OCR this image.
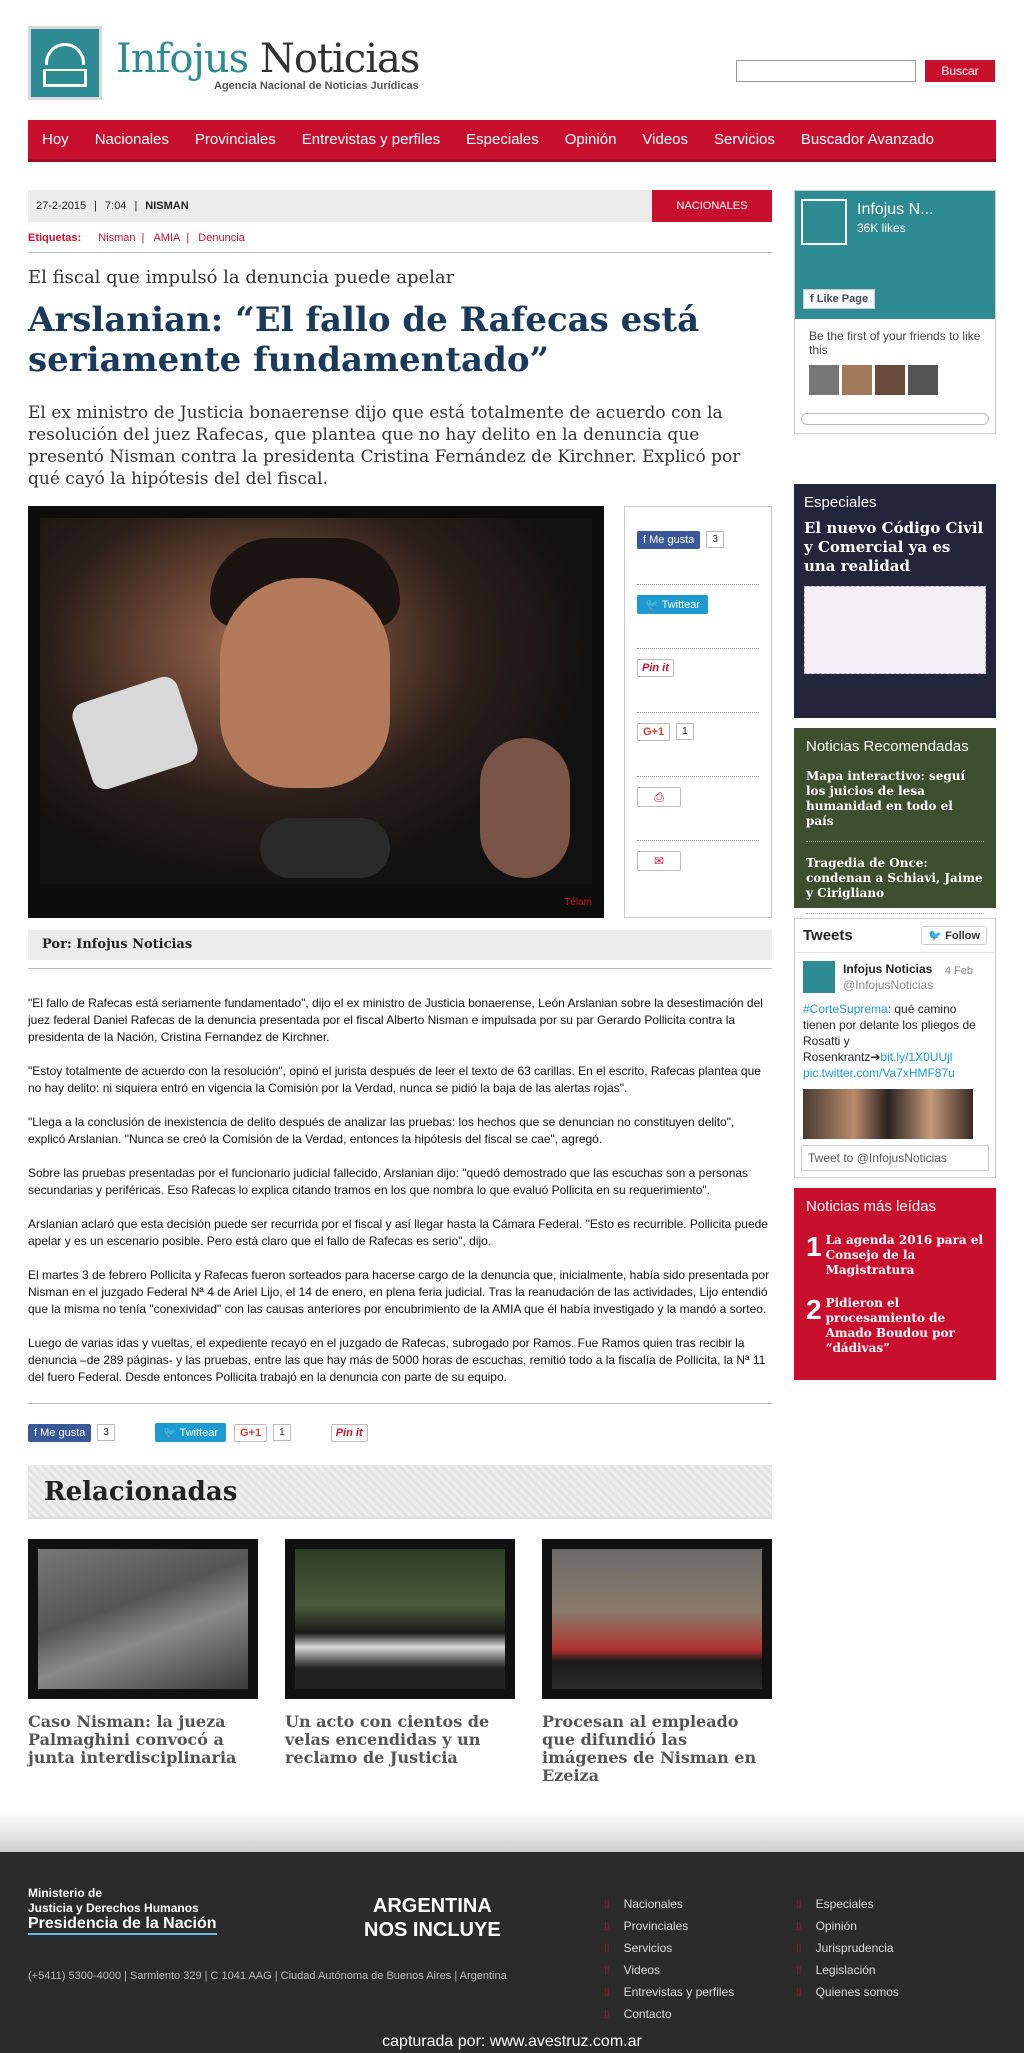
Infojus Noticias
Agencia Nacional de Noticias Jurídicas
Buscar
Hoy Nacionales Provinciales Entrevistas y perfiles Especiales Opinión Videos Servicios Buscador Avanzado
27-2-2015 | 7:04 | NISMAN	NACIONALES
Etiquetas: Nisman | AMIA | Denuncia
El fiscal que impulsó la denuncia puede apelar
Arslanian: “El fallo de Rafecas está seriamente fundamentado”
El ex ministro de Justicia bonaerense dijo que está totalmente de acuerdo con la resolución del juez Rafecas, que plantea que no hay delito en la denuncia que presentó Nisman contra la presidenta Cristina Fernández de Kirchner. Explicó por qué cayó la hipótesis del del fiscal.
Télam
f Me gusta	3
🐦 Twittear
Pin it
G+1	1
⎙
✉
Por: Infojus Noticias

"El fallo de Rafecas está seriamente fundamentado", dijo el ex ministro de Justicia bonaerense, León Arslanian sobre la desestimación del juez federal Daniel Rafecas de la denuncia presentada por el fiscal Alberto Nisman e impulsada por su par Gerardo Pollicita contra la presidenta de la Nación, Cristina Fernandez de Kirchner.

"Estoy totalmente de acuerdo con la resolución", opinó el jurista después de leer el texto de 63 carillas. En el escrito, Rafecas plantea que no hay delito: ni siquiera entró en vigencia la Comisión por la Verdad, nunca se pidió la baja de las alertas rojas".

"Llega a la conclusión de inexistencia de delito después de analizar las pruebas: los hechos que se denuncian no constituyen delito", explicó Arslanian. "Nunca se creó la Comisión de la Verdad, entonces la hipótesis del fiscal se cae", agregó.

Sobre las pruebas presentadas por el funcionario judicial fallecido, Arslanian dijo: "quedó demostrado que las escuchas son a personas secundarias y periféricas. Eso Rafecas lo explica citando tramos en los que nombra lo que evaluó Pollicita en su requerimiento".

Arslanian aclaró que esta decisión puede ser recurrida por el fiscal y así llegar hasta la Cámara Federal. "Esto es recurrible. Pollicita puede apelar y es un escenario posible. Pero está claro que el fallo de Rafecas es serio", dijo.

El martes 3 de febrero Pollicita y Rafecas fueron sorteados para hacerse cargo de la denuncia que, inicialmente, había sido presentada por Nisman en el juzgado Federal Nª 4 de Ariel Lijo, el 14 de enero, en plena feria judicial. Tras la reanudación de las actividades, Lijo entendió que la misma no tenía "conexividad" con las causas anteriores por encubrimiento de la AMIA que él había investigado y la mandó a sorteo.

Luego de varias idas y vueltas, el expediente recayó en el juzgado de Rafecas, subrogado por Ramos. Fue Ramos quien tras recibir la denuncia –de 289 páginas- y las pruebas, entre las que hay más de 5000 horas de escuchas, remitió todo a la fiscalía de Pollicita, la Nª 11 del fuero Federal. Desde entonces Pollicita trabajó en la denuncia con parte de su equipo.

f Me gusta	3	🐦 Twittear	G+1	1	Pin it
Relacionadas
Caso Nisman: la jueza Palmaghini convocó a junta interdisciplinaria
Un acto con cientos de velas encendidas y un reclamo de Justicia
Procesan al empleado que difundió las imágenes de Nisman en Ezeiza
Infojus N...
36K likes
f Like Page
Be the first of your friends to like this
Especiales
El nuevo Código Civil y Comercial ya es una realidad
Noticias Recomendadas
Mapa interactivo: seguí los juicios de lesa humanidad en todo el país
Tragedia de Once: condenan a Schiavi, Jaime y Cirigliano
Tweets	🐦 Follow
Infojus Noticias
@InfojusNoticias
4 Feb
#CorteSuprema: qué camino tienen por delante los pliegos de Rosatti y Rosenkrantz➔bit.ly/1X0UUjl
pic.twitter.com/Va7xHMF87u
Tweet to @InfojusNoticias
Noticias más leídas
1 La agenda 2016 para el Consejo de la Magistratura
2 Pidieron el procesamiento de Amado Boudou por “dádivas”
Ministerio de
Justicia y Derechos Humanos
Presidencia de la Nación
ARGENTINA
NOS INCLUYE
(+5411) 5300-4000 | Sarmiento 329 | C 1041 AAG | Ciudad Autónoma de Buenos Aires | Argentina
⁞⁞ Nacionales
⁞⁞ Provinciales
⁞⁞ Servicios
⁞⁞ Videos
⁞⁞ Entrevistas y perfiles
⁞⁞ Contacto
⁞⁞ Especiales
⁞⁞ Opinión
⁞⁞ Jurisprudencia
⁞⁞ Legislación
⁞⁞ Quienes somos
capturada por: www.avestruz.com.ar
